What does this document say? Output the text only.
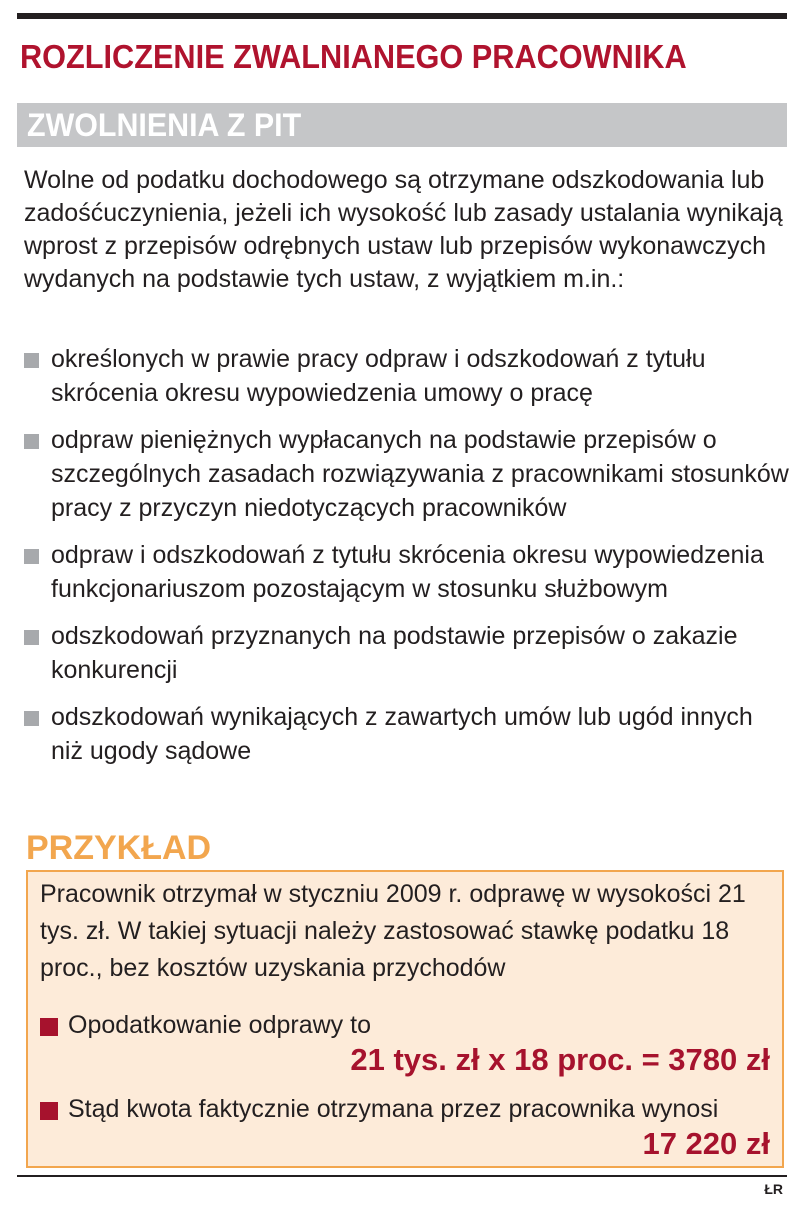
ROZLICZENIE ZWALNIANEGO PRACOWNIKA
ZWOLNIENIA Z PIT

Wolne od podatku dochodowego są otrzymane odszkodowania lub zadośćuczynienia, jeżeli ich wysokość lub zasady ustalania wynikają wprost z przepisów odrębnych ustaw lub przepisów wykonawczych wydanych na podstawie tych ustaw, z wyjątkiem m.in.:

określonych w prawie pracy odpraw i odszkodowań z tytułu skrócenia okresu wypowiedzenia umowy o pracę
odpraw pieniężnych wypłacanych na podstawie przepisów o szczególnych zasadach rozwiązywania z pracownikami stosunków pracy z przyczyn niedotyczących pracowników
odpraw i odszkodowań z tytułu skrócenia okresu wypowiedzenia funkcjonariuszom pozostającym w stosunku służbowym
odszkodowań przyznanych na podstawie przepisów o zakazie konkurencji
odszkodowań wynikających z zawartych umów lub ugód innych niż ugody sądowe
PRZYKŁAD

Pracownik otrzymał w styczniu 2009 r. odprawę w wysokości 21 tys. zł. W takiej sytuacji należy zastosować stawkę podatku 18 proc., bez kosztów uzyskania przychodów

Opodatkowanie odprawy to
21 tys. zł x 18 proc. = 3780 zł
Stąd kwota faktycznie otrzymana przez pracownika wynosi
17 220 zł
ŁR
